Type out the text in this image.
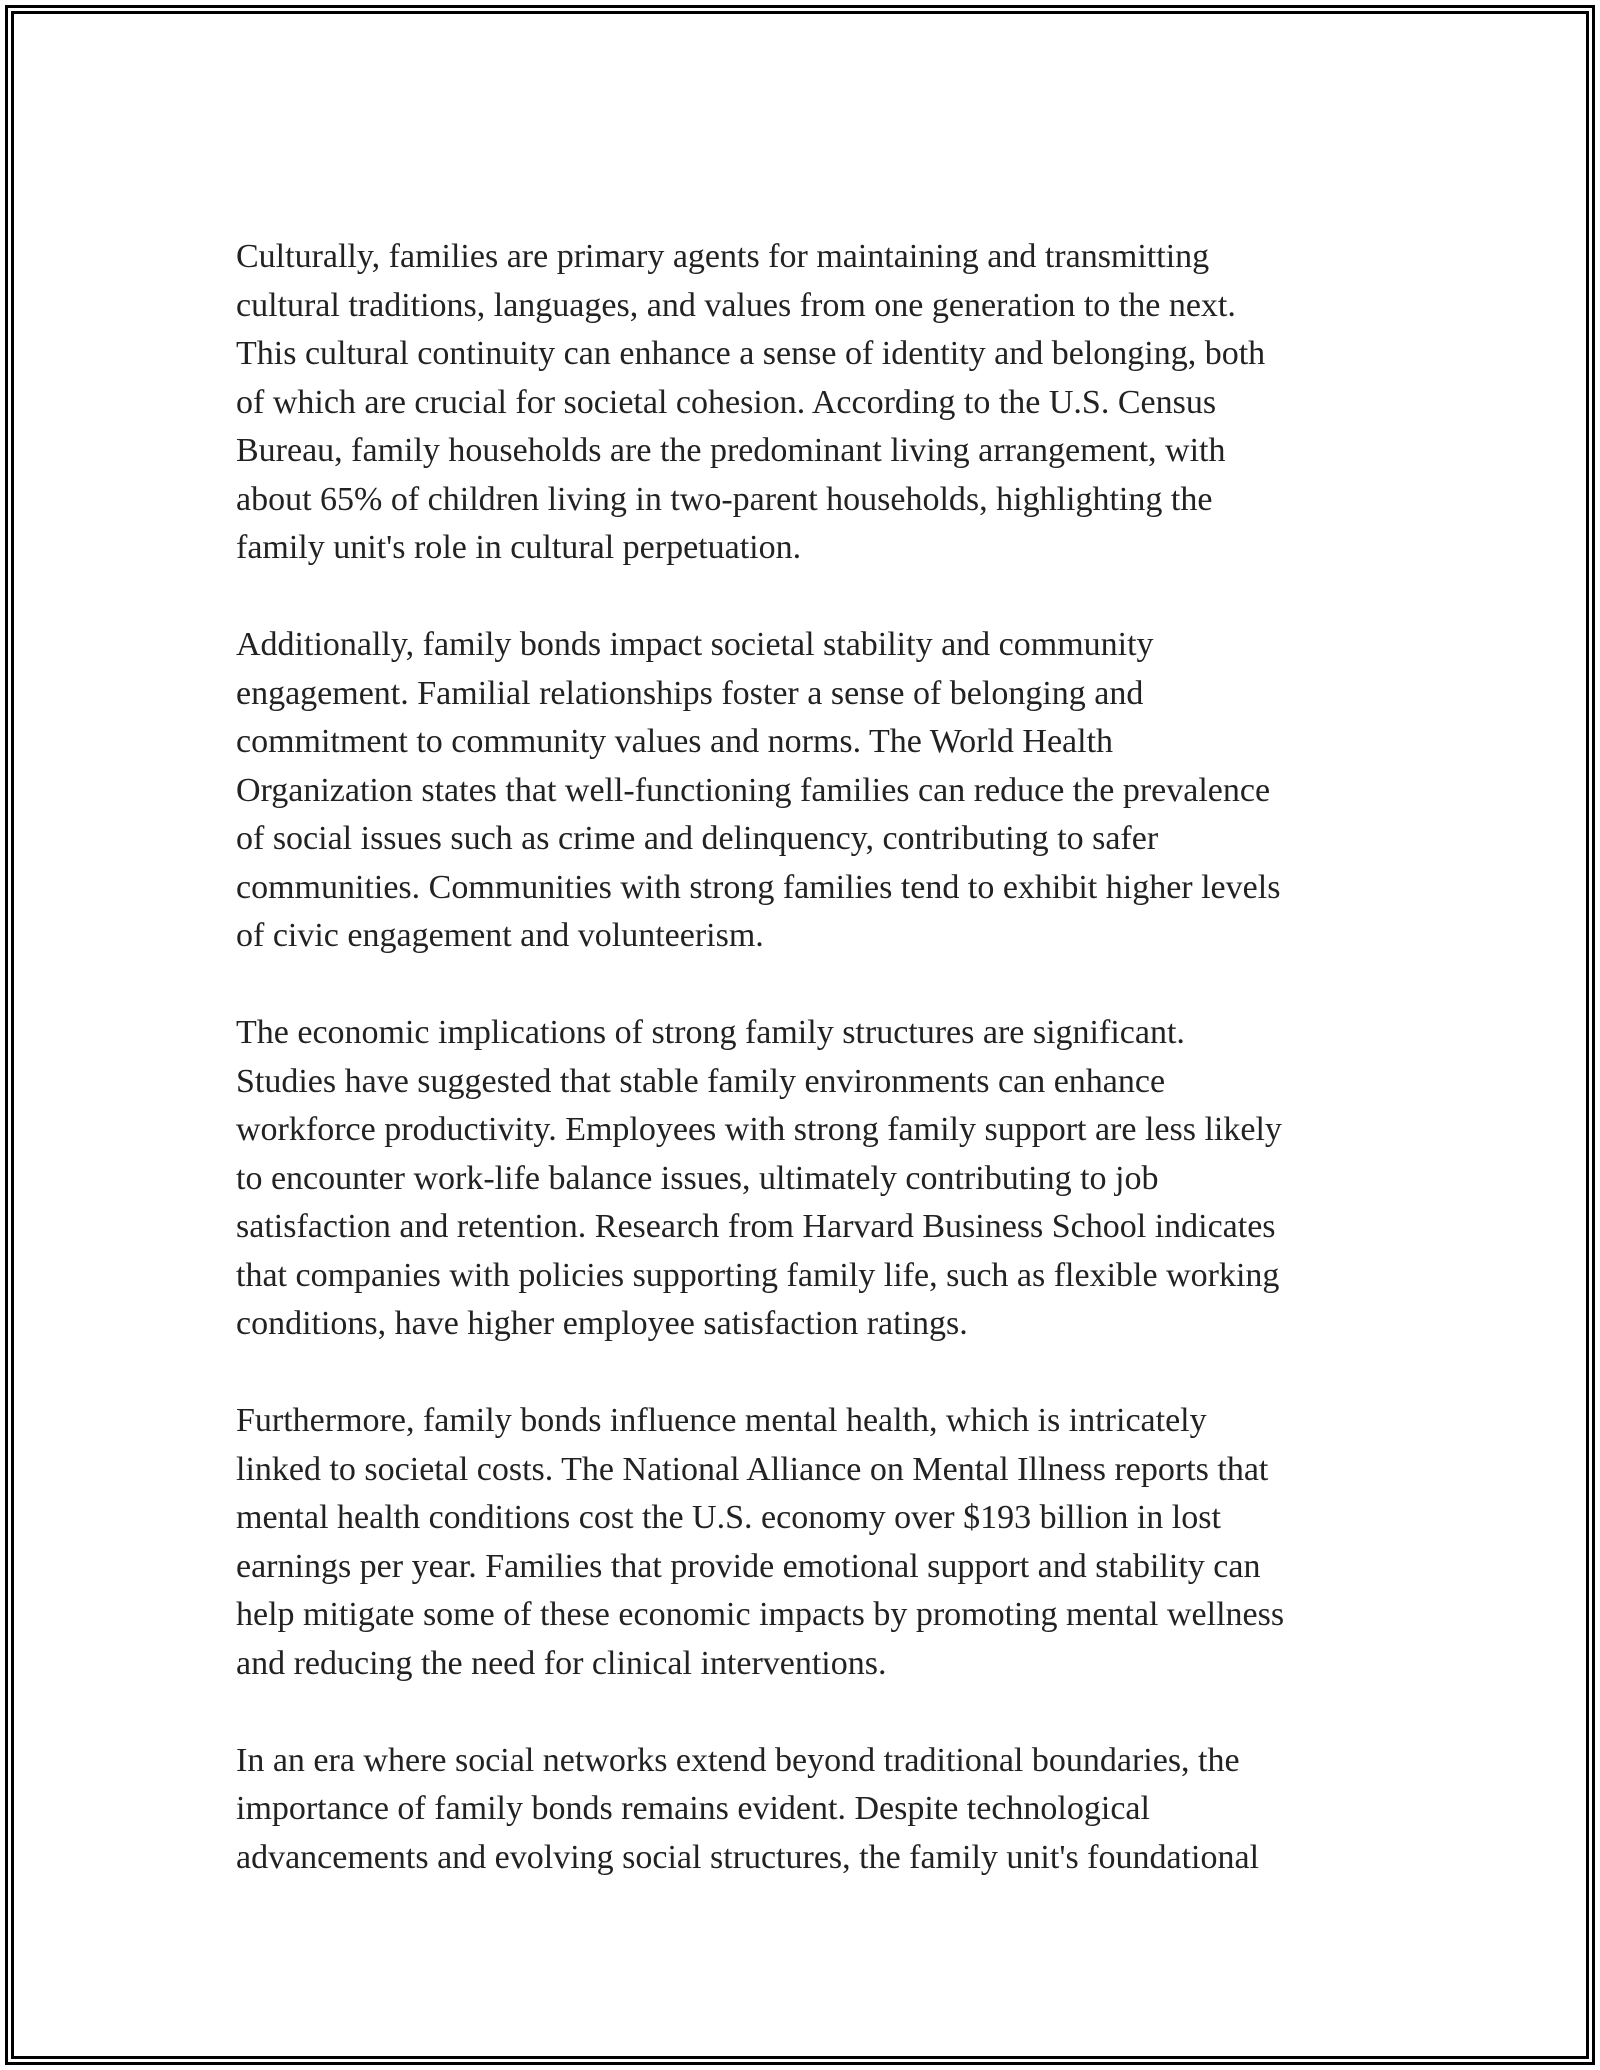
Culturally, families are primary agents for maintaining and transmitting
cultural traditions, languages, and values from one generation to the next.
This cultural continuity can enhance a sense of identity and belonging, both
of which are crucial for societal cohesion. According to the U.S. Census
Bureau, family households are the predominant living arrangement, with
about 65% of children living in two-parent households, highlighting the
family unit's role in cultural perpetuation.

Additionally, family bonds impact societal stability and community
engagement. Familial relationships foster a sense of belonging and
commitment to community values and norms. The World Health
Organization states that well-functioning families can reduce the prevalence
of social issues such as crime and delinquency, contributing to safer
communities. Communities with strong families tend to exhibit higher levels
of civic engagement and volunteerism.

The economic implications of strong family structures are significant.
Studies have suggested that stable family environments can enhance
workforce productivity. Employees with strong family support are less likely
to encounter work-life balance issues, ultimately contributing to job
satisfaction and retention. Research from Harvard Business School indicates
that companies with policies supporting family life, such as flexible working
conditions, have higher employee satisfaction ratings.

Furthermore, family bonds influence mental health, which is intricately
linked to societal costs. The National Alliance on Mental Illness reports that
mental health conditions cost the U.S. economy over $193 billion in lost
earnings per year. Families that provide emotional support and stability can
help mitigate some of these economic impacts by promoting mental wellness
and reducing the need for clinical interventions.

In an era where social networks extend beyond traditional boundaries, the
importance of family bonds remains evident. Despite technological
advancements and evolving social structures, the family unit's foundational
